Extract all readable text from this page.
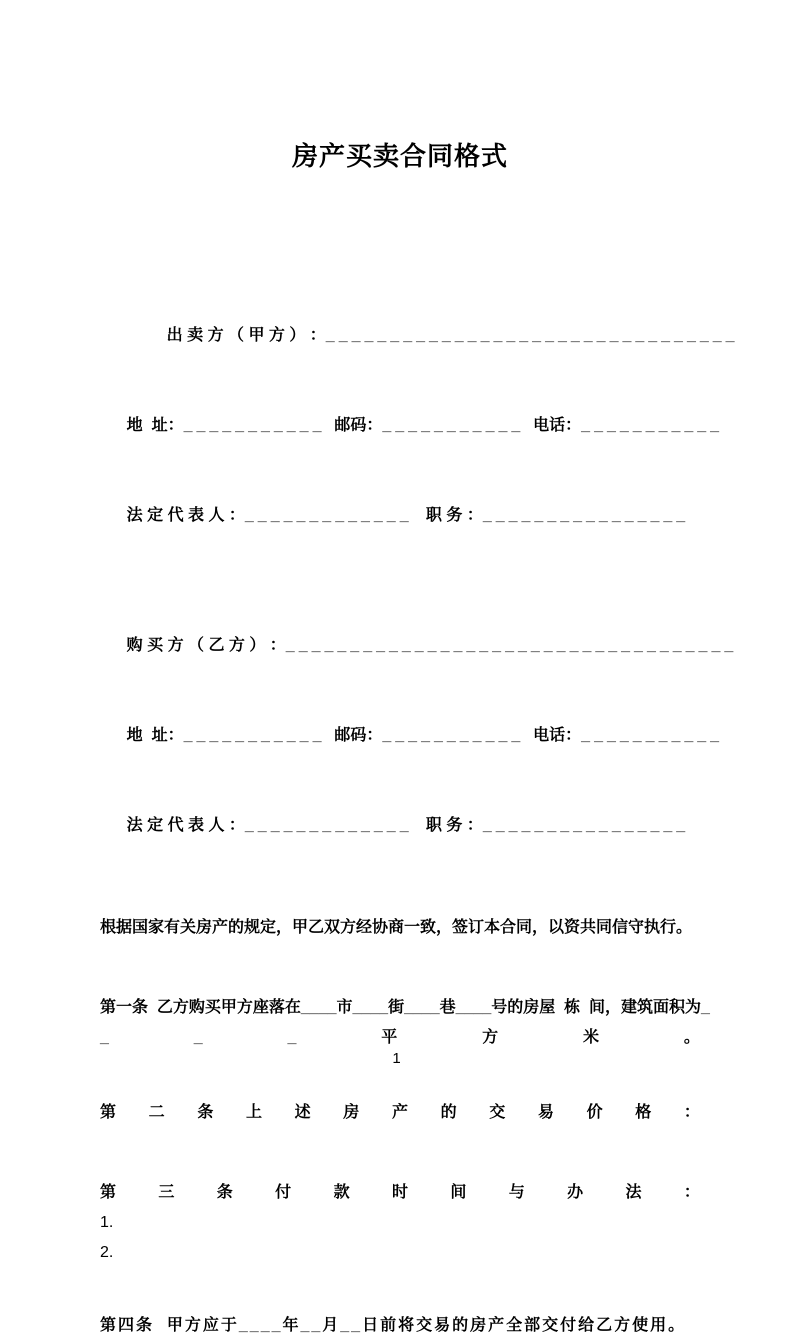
房产买卖合同格式

出 卖 方 （ 甲 方 ） ：________________________________

地  址：___________  邮码：___________  电话：___________

法 定 代 表 人 ：_____________   职 务 ：________________

购 买 方 （ 乙 方 ） ：___________________________________

地  址：___________  邮码：___________  电话：___________

法 定 代 表 人 ：_____________   职 务 ：________________

根据国家有关房产的规定，甲乙双方经协商一致，签订本合同，以资共同信守执行。

第一条  乙方购买甲方座落在____市____街____巷____号的房屋  栋  间，建筑面积为_
_	_	_	平	方	米	。
第 二 条 上 述 房 产 的 交 易 价 格 ：
第	三	条	付	款	时	间	与	办	法	：
1.
2.
第四条  甲方应于____年__月__日前将交易的房产全部交付给乙方使用。
1
